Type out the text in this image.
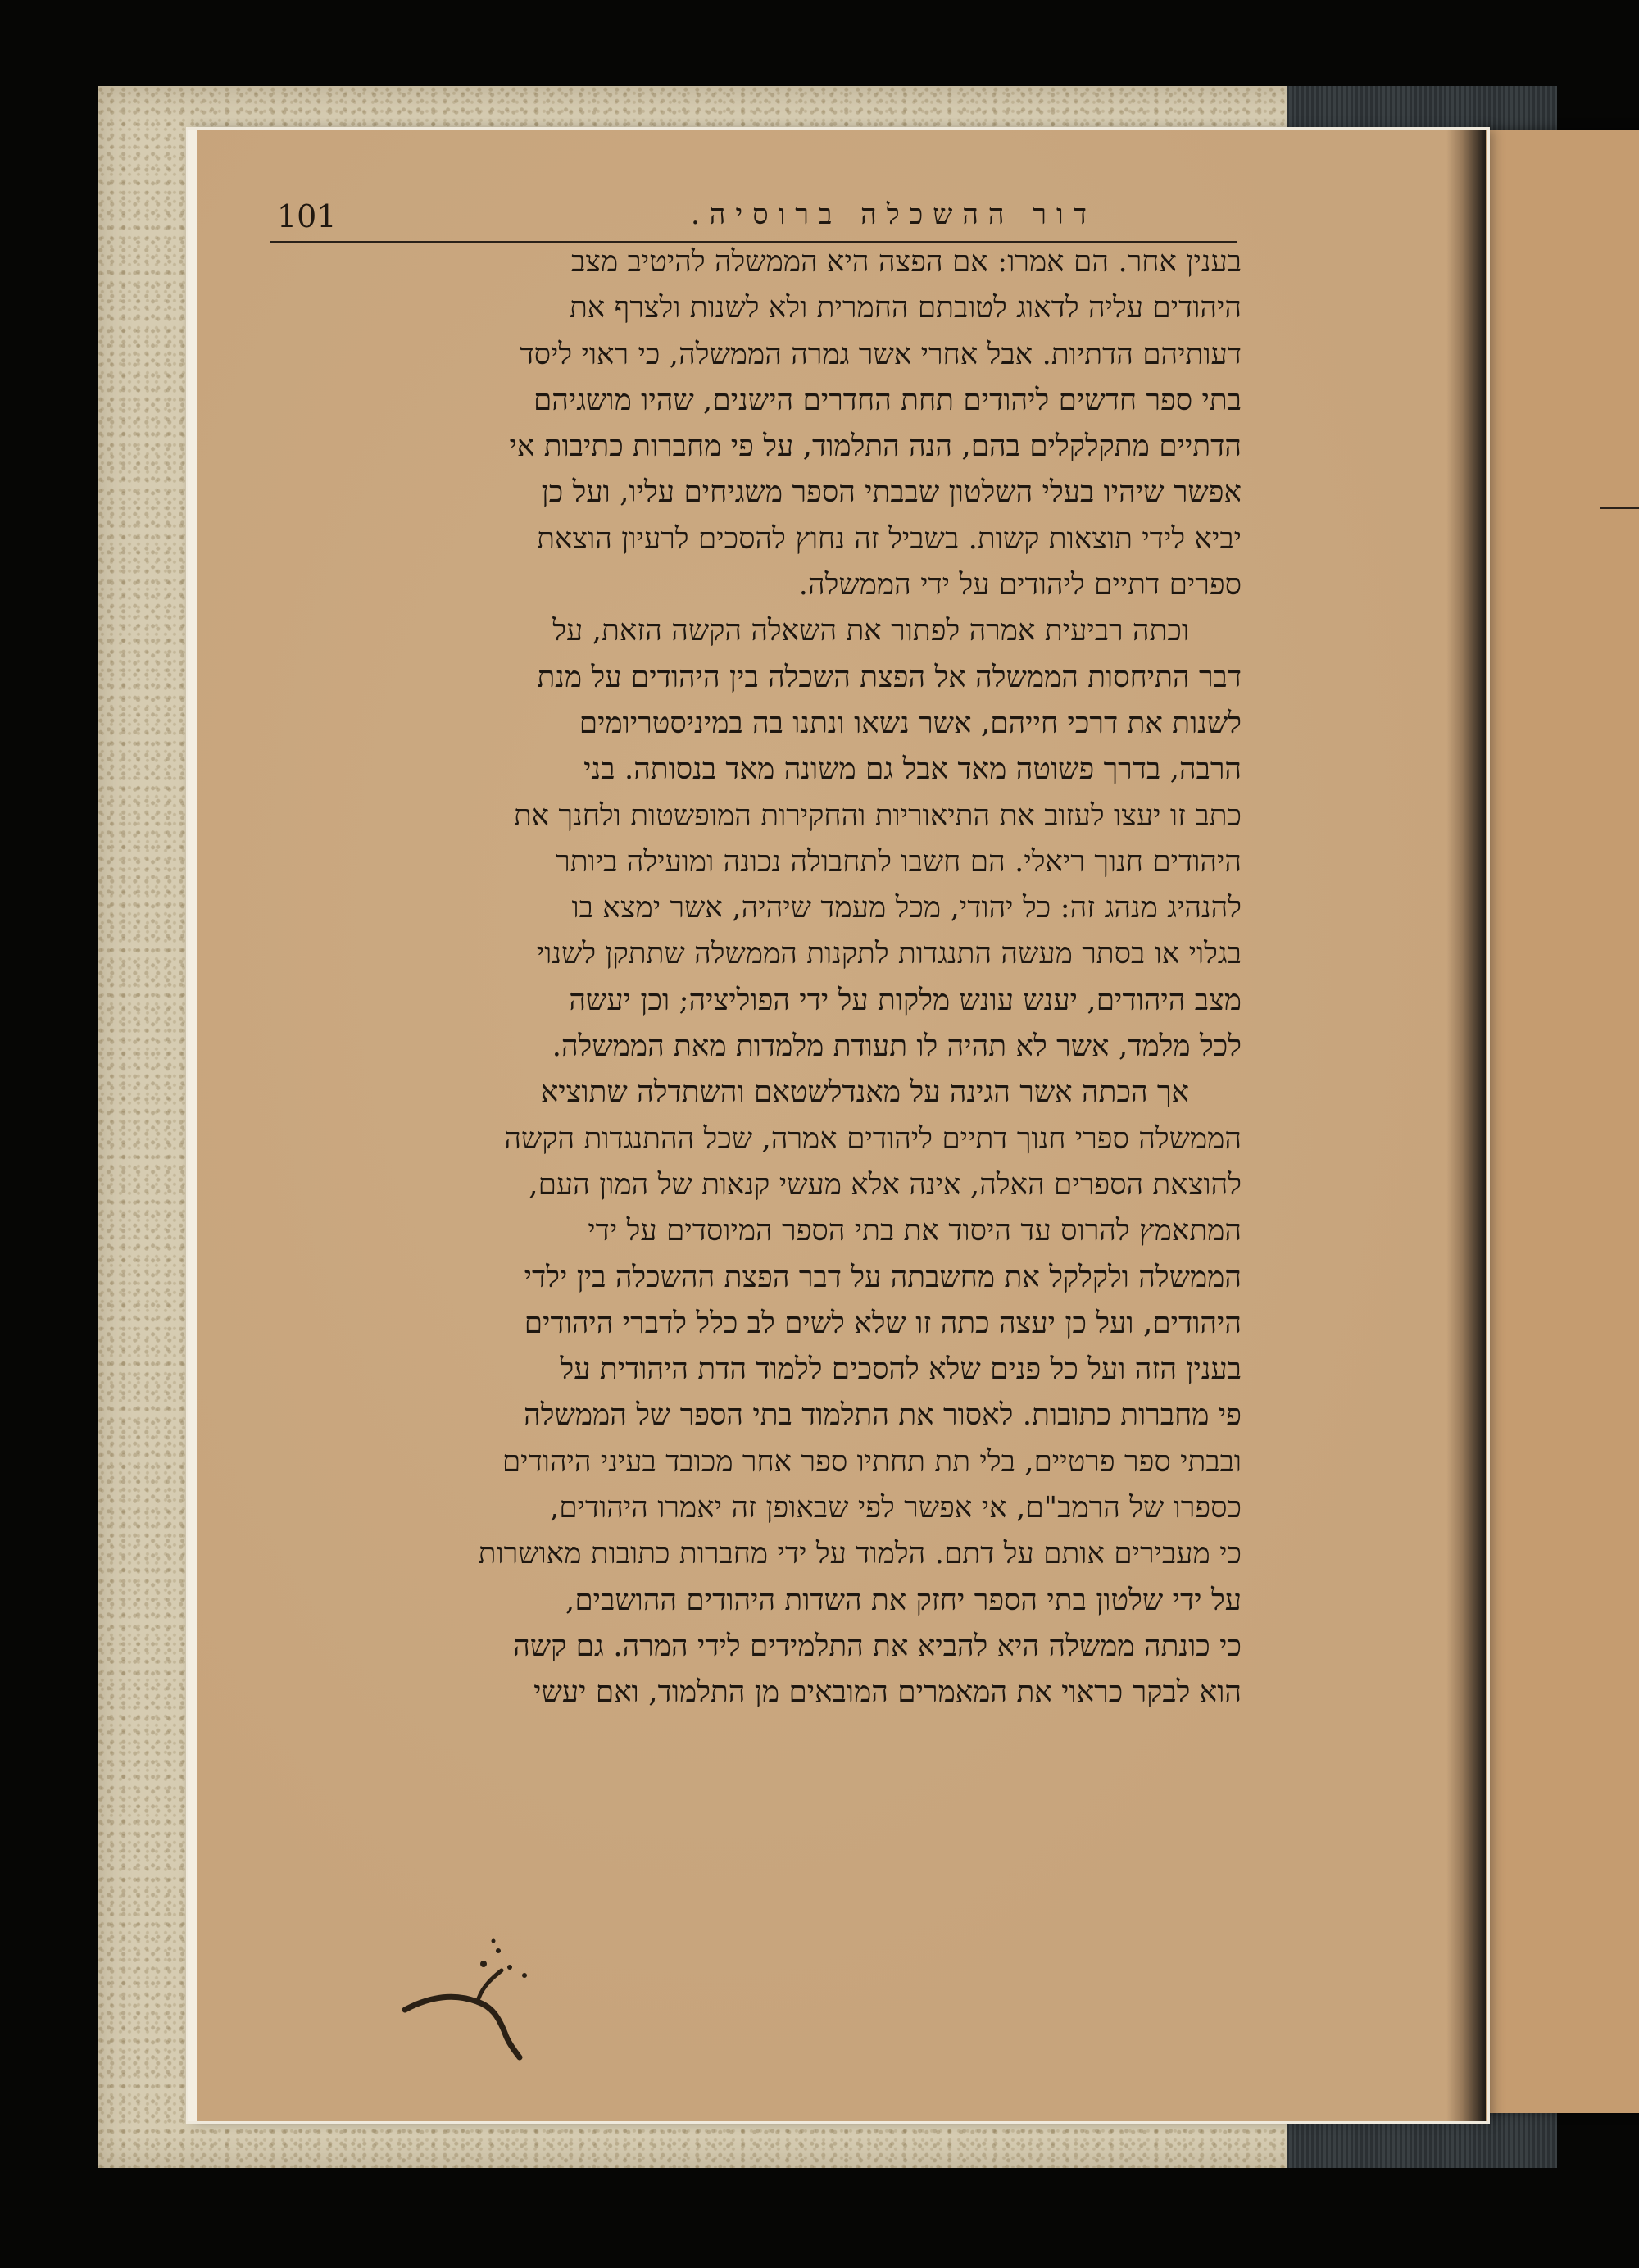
101	דור ההשכלה ברוסיה.
בענין אחר. הם אמרו: אם הפצה היא הממשלה להיטיב מצב
היהודים עליה לדאוג לטובתם החמרית ולא לשנות ולצרף את
דעותיהם הדתיות. אבל אחרי אשר גמרה הממשלה, כי ראוי ליסד
בתי ספר חדשים ליהודים תחת החדרים הישנים, שהיו מושגיהם
הדתיים מתקלקלים בהם, הנה התלמוד, על פי מחברות כתיבות אי
אפשר שיהיו בעלי השלטון שבבתי הספר משגיחים עליו, ועל כן
יביא לידי תוצאות קשות. בשביל זה נחוץ להסכים לרעיון הוצאת
ספרים דתיים ליהודים על ידי הממשלה.
וכתה רביעית אמרה לפתור את השאלה הקשה הזאת, על
דבר התיחסות הממשלה אל הפצת השכלה בין היהודים על מנת
לשנות את דרכי חייהם, אשר נשאו ונתנו בה במיניסטריומים
הרבה, בדרך פשוטה מאד אבל גם משונה מאד בנסותה. בני
כתב זו יעצו לעזוב את התיאוריות והחקירות המופשטות ולחנך את
היהודים חנוך ריאלי. הם חשבו לתחבולה נכונה ומועילה ביותר
להנהיג מנהג זה: כל יהודי, מכל מעמד שיהיה, אשר ימצא בו
בגלוי או בסתר מעשה התנגדות לתקנות הממשלה שתתקן לשנוי
מצב היהודים, יענש עונש מלקות על ידי הפוליציה; וכן יעשה
לכל מלמד, אשר לא תהיה לו תעודת מלמדות מאת הממשלה.
אך הכתה אשר הגינה על מאנדלשטאם והשתדלה שתוציא
הממשלה ספרי חנוך דתיים ליהודים אמרה, שכל ההתנגדות הקשה
להוצאת הספרים האלה, אינה אלא מעשי קנאות של המון העם,
המתאמץ להרוס עד היסוד את בתי הספר המיוסדים על ידי
הממשלה ולקלקל את מחשבתה על דבר הפצת ההשכלה בין ילדי
היהודים, ועל כן יעצה כתה זו שלא לשים לב כלל לדברי היהודים
בענין הזה ועל כל פנים שלא להסכים ללמוד הדת היהודית על
פי מחברות כתובות. לאסור את התלמוד בתי הספר של הממשלה
ובבתי ספר פרטיים, בלי תת תחתיו ספר אחר מכובד בעיני היהודים
כספרו של הרמב"ם, אי אפשר לפי שבאופן זה יאמרו היהודים,
כי מעבירים אותם על דתם. הלמוד על ידי מחברות כתובות מאושרות
על ידי שלטון בתי הספר יחזק את השדות היהודים ההושבים,
כי כונתה ממשלה היא להביא את התלמידים לידי המרה. גם קשה
הוא לבקר כראוי את המאמרים המובאים מן התלמוד, ואם יעשי
